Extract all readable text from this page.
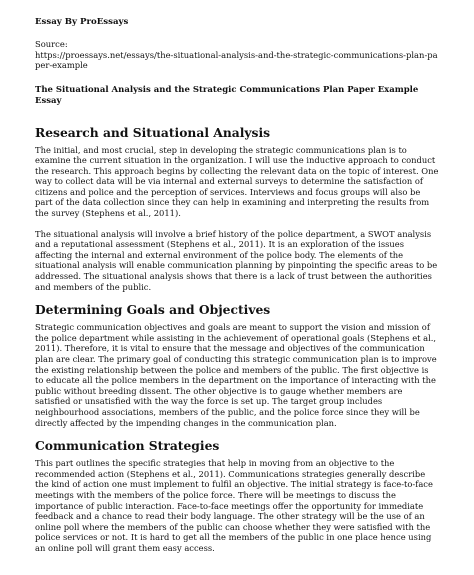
Essay By ProEssays
Source:
https://proessays.net/essays/the-situational-analysis-and-the-strategic-communications-plan-paper-example
The Situational Analysis and the Strategic Communications Plan Paper Example Essay
Research and Situational Analysis

The initial, and most crucial, step in developing the strategic communications plan is to examine the current situation in the organization. I will use the inductive approach to conduct the research. This approach begins by collecting the relevant data on the topic of interest. One way to collect data will be via internal and external surveys to determine the satisfaction of citizens and police and the perception of services. Interviews and focus groups will also be part of the data collection since they can help in examining and interpreting the results from the survey (Stephens et al., 2011).

The situational analysis will involve a brief history of the police department, a SWOT analysis and a reputational assessment (Stephens et al., 2011). It is an exploration of the issues affecting the internal and external environment of the police body. The elements of the situational analysis will enable communication planning by pinpointing the specific areas to be addressed. The situational analysis shows that there is a lack of trust between the authorities and members of the public.

Determining Goals and Objectives

Strategic communication objectives and goals are meant to support the vision and mission of the police department while assisting in the achievement of operational goals (Stephens et al., 2011). Therefore, it is vital to ensure that the message and objectives of the communication plan are clear. The primary goal of conducting this strategic communication plan is to improve the existing relationship between the police and members of the public. The first objective is to educate all the police members in the department on the importance of interacting with the public without breeding dissent. The other objective is to gauge whether members are satisfied or unsatisfied with the way the force is set up. The target group includes neighbourhood associations, members of the public, and the police force since they will be directly affected by the impending changes in the communication plan.

Communication Strategies

This part outlines the specific strategies that help in moving from an objective to the recommended action (Stephens et al., 2011). Communications strategies generally describe the kind of action one must implement to fulfil an objective. The initial strategy is face-to-face meetings with the members of the police force. There will be meetings to discuss the importance of public interaction. Face-to-face meetings offer the opportunity for immediate feedback and a chance to read their body language. The other strategy will be the use of an online poll where the members of the public can choose whether they were satisfied with the police services or not. It is hard to get all the members of the public in one place hence using an online poll will grant them easy access.
